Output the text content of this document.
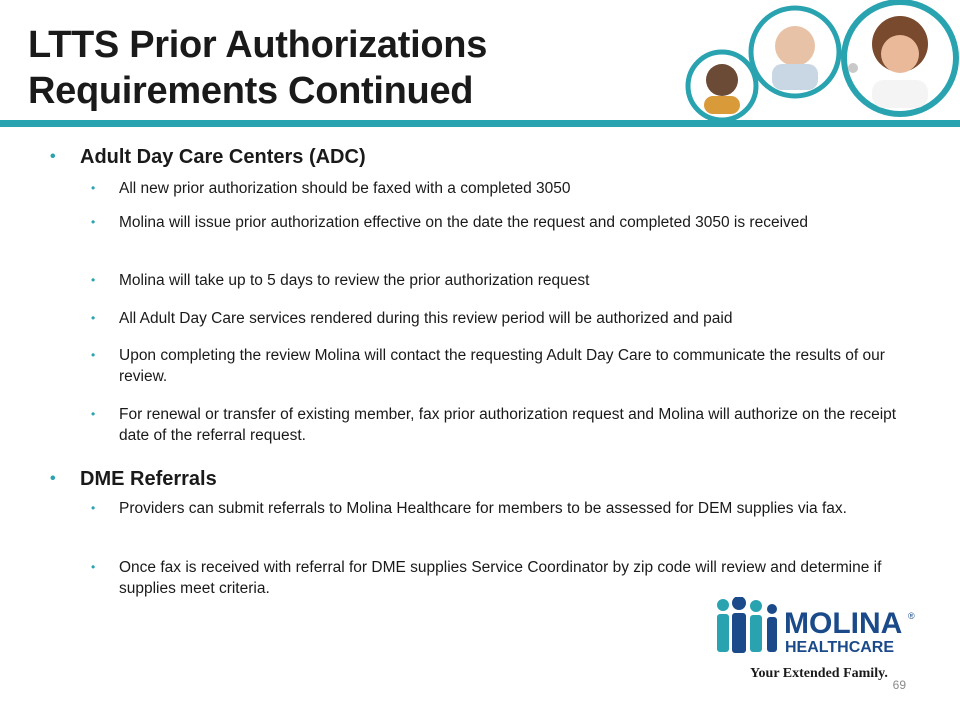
LTTS Prior Authorizations
Requirements Continued
• Adult Day Care Centers (ADC)
• All new prior authorization should be faxed with a completed 3050
• Molina will issue prior authorization effective on the date the request and completed 3050 is received
• Molina will take up to 5 days to review the prior authorization request
• All Adult Day Care services rendered during this review period will be authorized and paid
• Upon completing the review Molina will contact the requesting Adult Day Care to communicate the results of our review.
• For renewal or transfer of existing member, fax prior authorization request and Molina will authorize on the receipt date of the referral request.
• DME Referrals
• Providers can submit referrals to Molina Healthcare for members to be assessed for DEM supplies via fax.
• Once fax is received with referral for DME supplies Service Coordinator by zip code will review and determine if supplies meet criteria.
MOLINA ®
HEALTHCARE
Your Extended Family.
69
